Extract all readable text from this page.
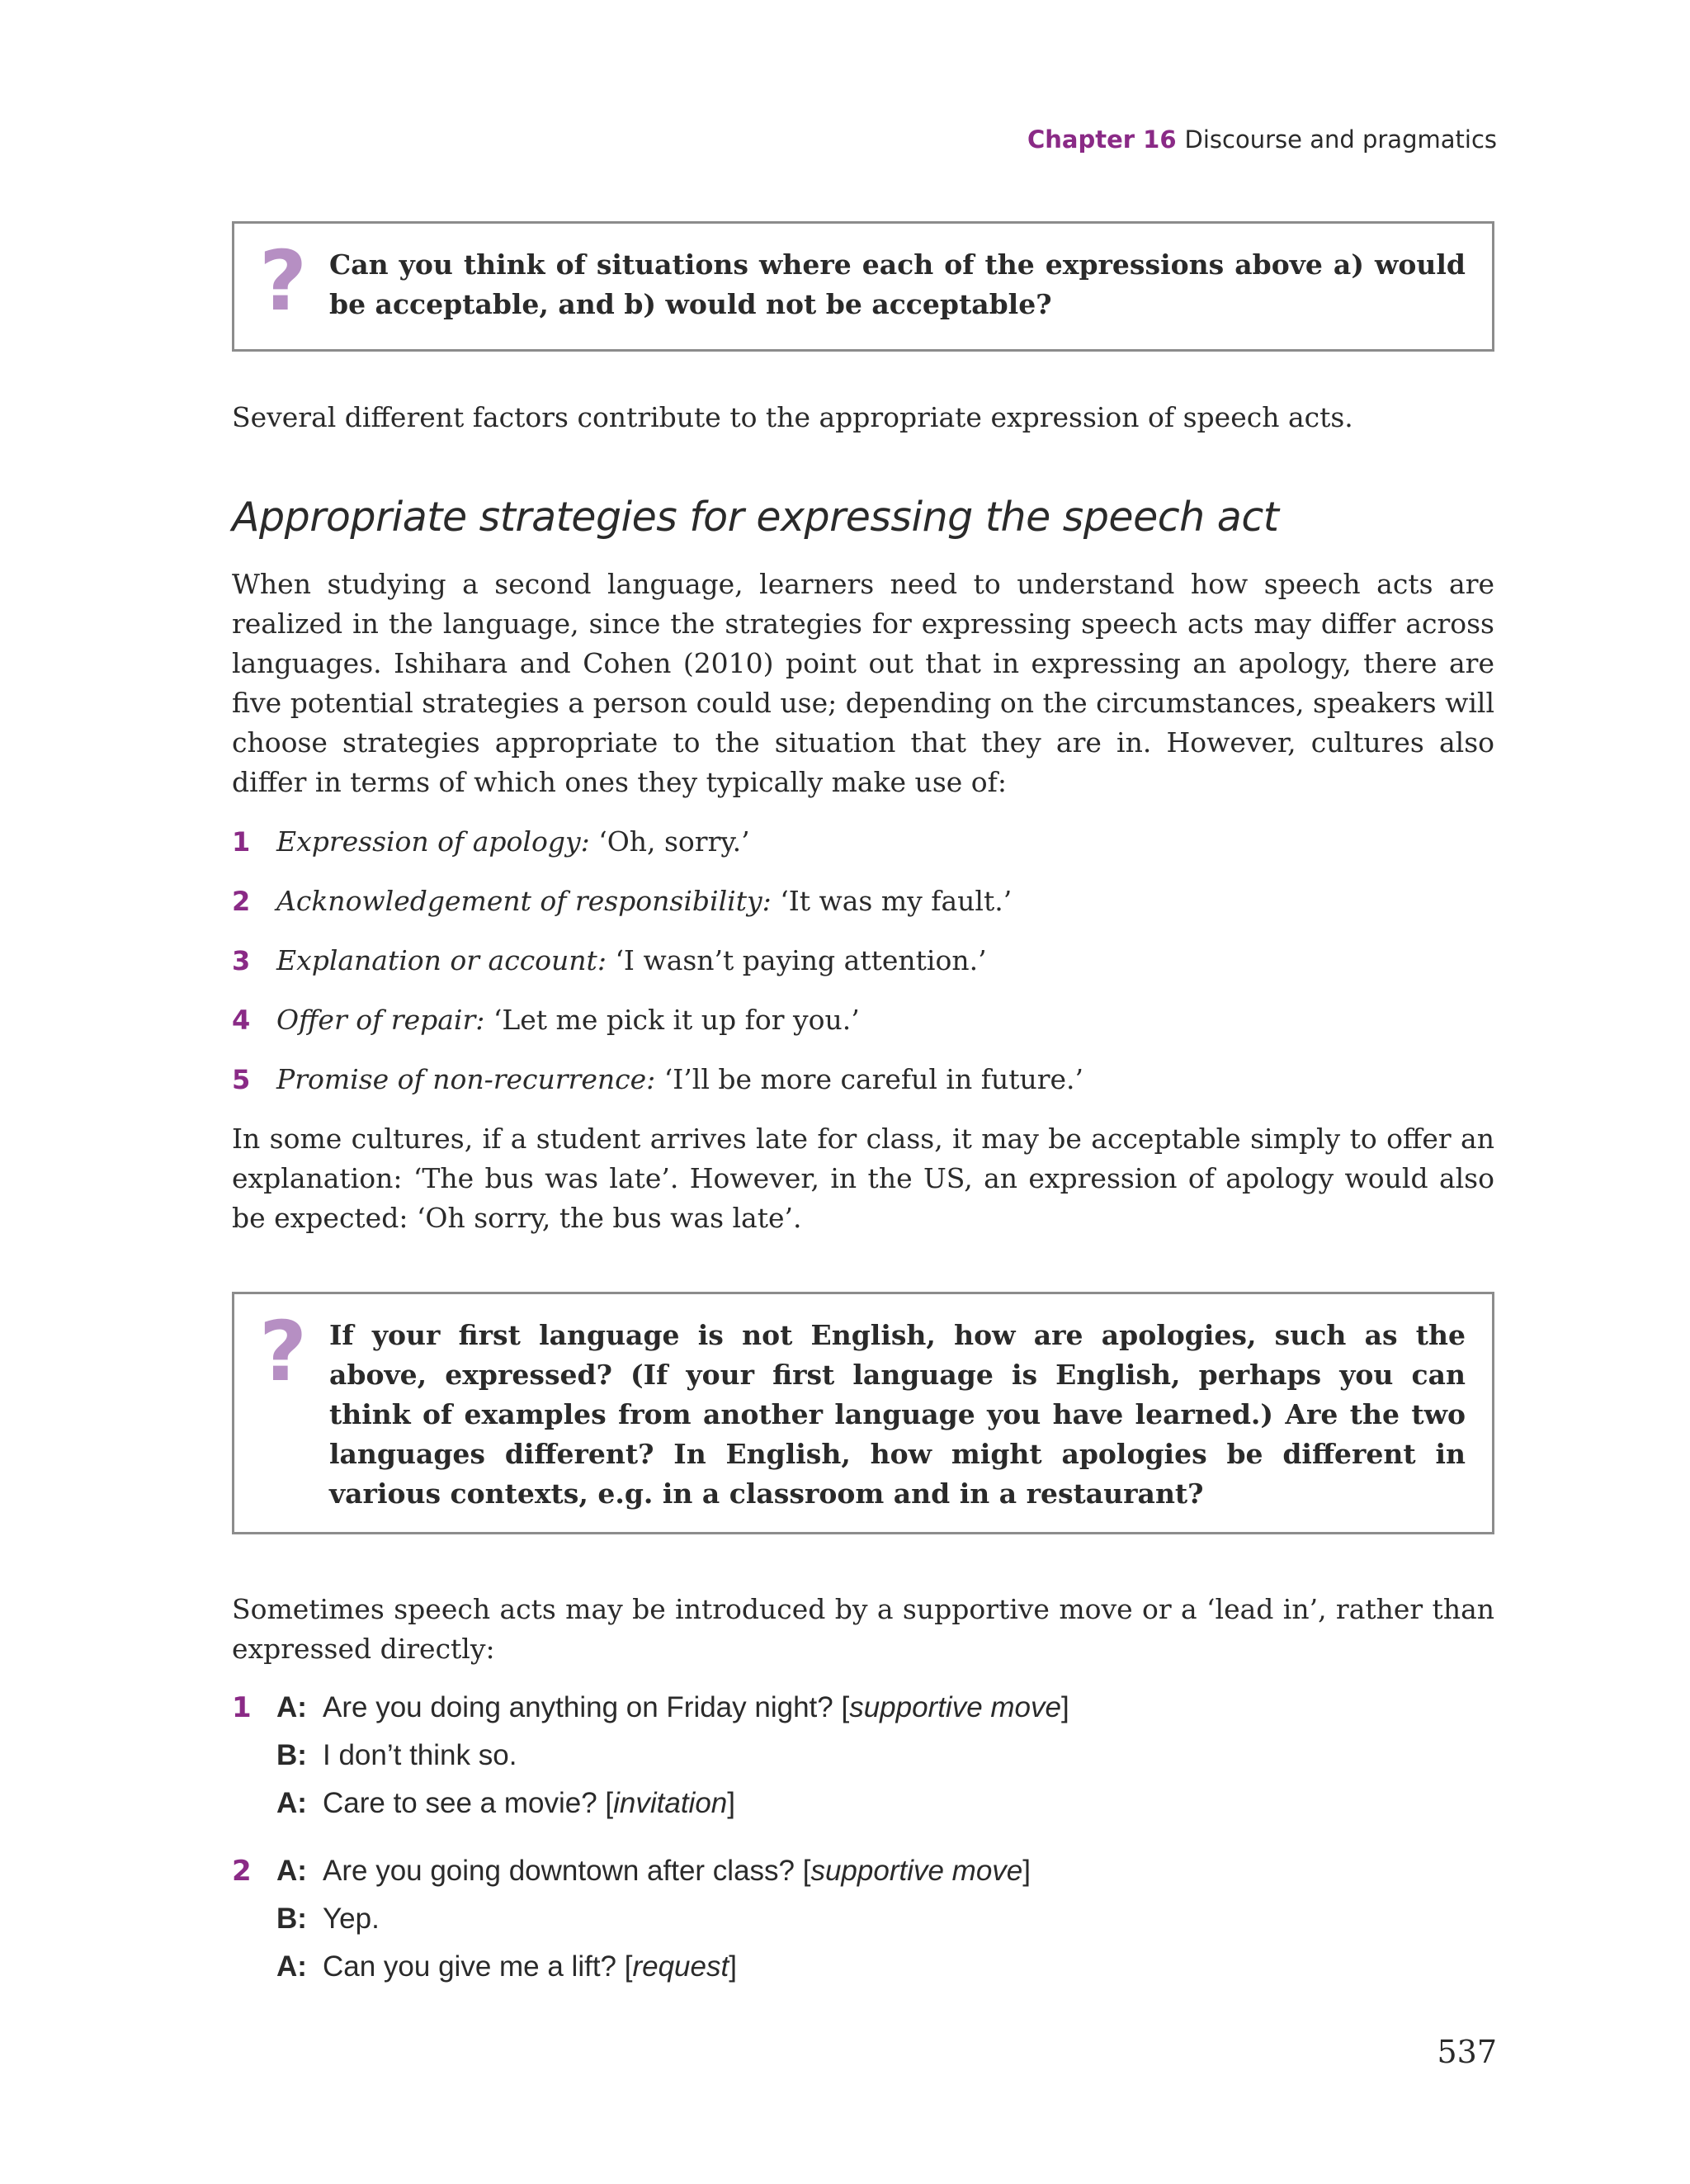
Chapter 16 Discourse and pragmatics
? Can you think of situations where each of the expressions above a) would be acceptable, and b) would not be acceptable?
Several different factors contribute to the appropriate expression of speech acts.
Appropriate strategies for expressing the speech act
When studying a second language, learners need to understand how speech acts are realized in the language, since the strategies for expressing speech acts may differ across languages. Ishihara and Cohen (2010) point out that in expressing an apology, there are five potential strategies a person could use; depending on the circumstances, speakers will choose strategies appropriate to the situation that they are in. However, cultures also differ in terms of which ones they typically make use of:
1 Expression of apology: ‘Oh, sorry.’
2 Acknowledgement of responsibility: ‘It was my fault.’
3 Explanation or account: ‘I wasn’t paying attention.’
4 Offer of repair: ‘Let me pick it up for you.’
5 Promise of non-recurrence: ‘I’ll be more careful in future.’
In some cultures, if a student arrives late for class, it may be acceptable simply to offer an explanation: ‘The bus was late’. However, in the US, an expression of apology would also be expected: ‘Oh sorry, the bus was late’.
? If your first language is not English, how are apologies, such as the above, expressed? (If your first language is English, perhaps you can think of examples from another language you have learned.) Are the two languages different? In English, how might apologies be different in various contexts, e.g. in a classroom and in a restaurant?
Sometimes speech acts may be introduced by a supportive move or a ‘lead in’, rather than expressed directly:
1 A: Are you doing anything on Friday night? [supportive move]
B: I don’t think so.
A: Care to see a movie? [invitation]
2 A: Are you going downtown after class? [supportive move]
B: Yep.
A: Can you give me a lift? [request]
537
